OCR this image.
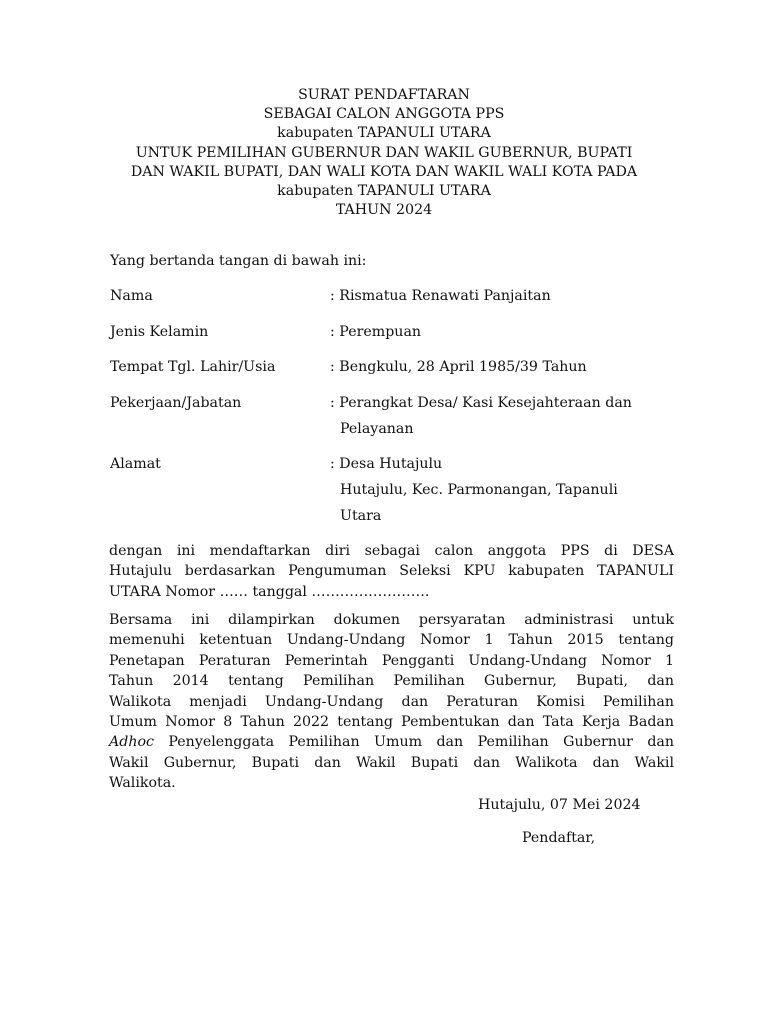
SURAT PENDAFTARAN
SEBAGAI CALON ANGGOTA PPS
kabupaten TAPANULI UTARA
UNTUK PEMILIHAN GUBERNUR DAN WAKIL GUBERNUR, BUPATI
DAN WAKIL BUPATI, DAN WALI KOTA DAN WAKIL WALI KOTA PADA
kabupaten TAPANULI UTARA
TAHUN 2024
Yang bertanda tangan di bawah ini:
Nama	: Rismatua Renawati Panjaitan
Jenis Kelamin	: Perempuan
Tempat Tgl. Lahir/Usia	: Bengkulu, 28 April 1985/39 Tahun
Pekerjaan/Jabatan	: Perangkat Desa/ Kasi Kesejahteraan dan
Pelayanan
Alamat	: Desa Hutajulu
Hutajulu, Kec. Parmonangan, Tapanuli
Utara
dengan ini mendaftarkan diri sebagai calon anggota PPS di DESA
Hutajulu berdasarkan Pengumuman Seleksi KPU kabupaten TAPANULI
UTARA Nomor …… tanggal …………………….
Bersama ini dilampirkan dokumen persyaratan administrasi untuk
memenuhi ketentuan Undang-Undang Nomor 1 Tahun 2015 tentang
Penetapan Peraturan Pemerintah Pengganti Undang-Undang Nomor 1
Tahun 2014 tentang Pemilihan Pemilihan Gubernur, Bupati, dan
Walikota menjadi Undang-Undang dan Peraturan Komisi Pemilihan
Umum Nomor 8 Tahun 2022 tentang Pembentukan dan Tata Kerja Badan
Adhoc Penyelenggata Pemilihan Umum dan Pemilihan Gubernur dan
Wakil Gubernur, Bupati dan Wakil Bupati dan Walikota dan Wakil
Walikota.
Hutajulu, 07 Mei 2024
Pendaftar,
